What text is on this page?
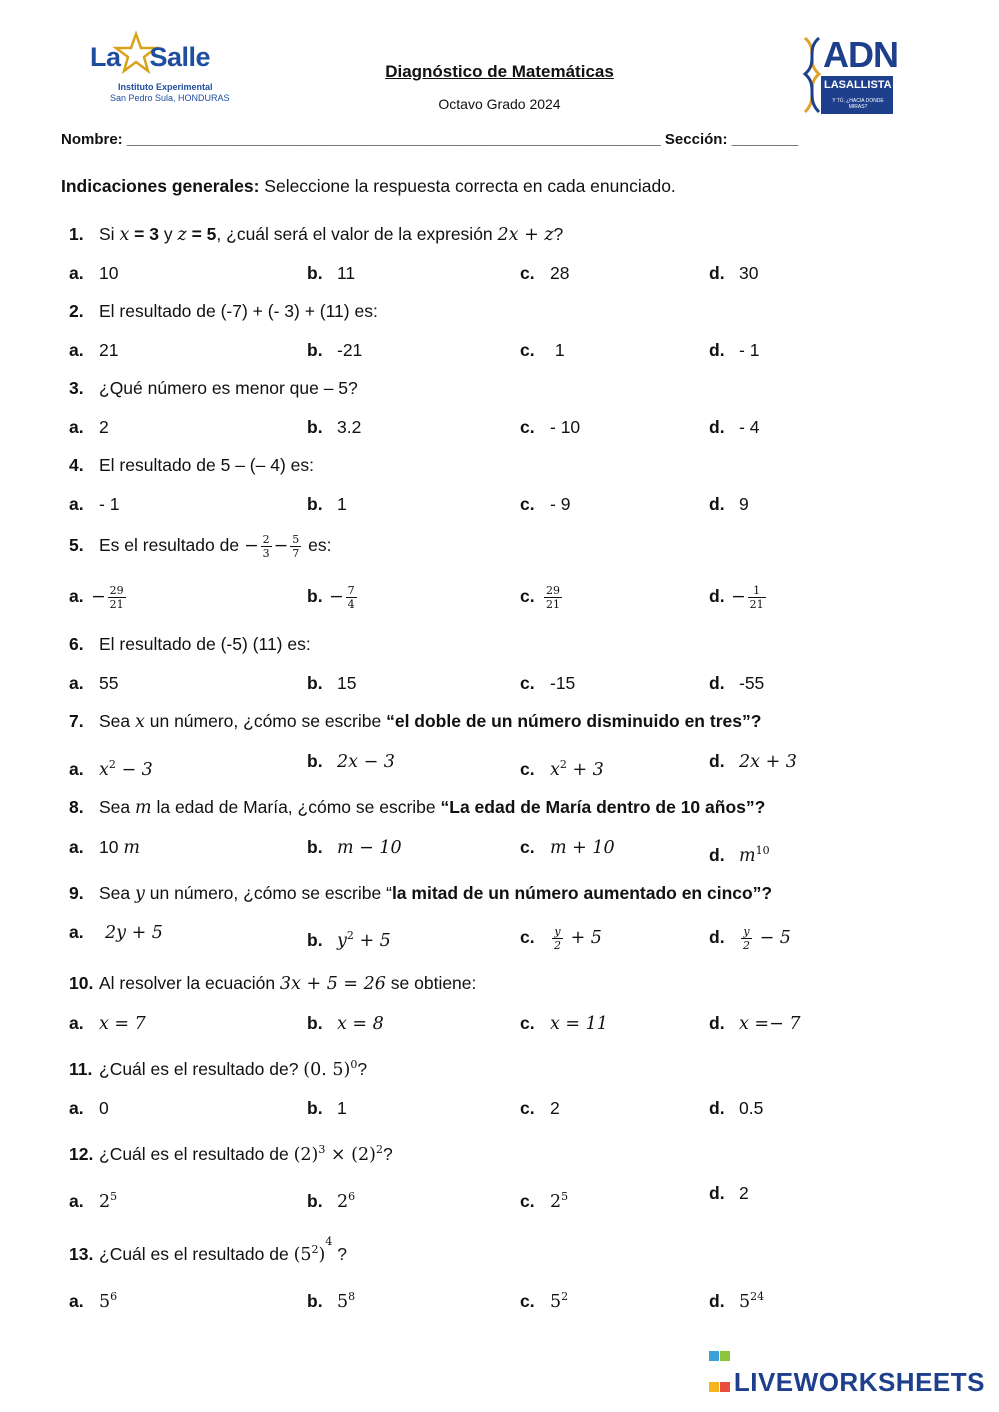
La Salle
Instituto Experimental
San Pedro Sula, HONDURAS
ADN
LASALLISTA
Y TÚ, ¿HACIA DONDE MIRAS?
Diagnóstico de Matemáticas
Octavo Grado 2024
Nombre: ________________________________________________________________ Sección: ________
Indicaciones generales: Seleccione la respuesta correcta en cada enunciado.
1. Si x = 3 y z = 5, ¿cuál será el valor de la expresión 2x + z?
a. 10	b. 11	c. 28	d. 30
2. El resultado de (-7) + (- 3) + (11) es:
a. 21	b. -21	c. 1	d. - 1
3. ¿Qué número es menor que – 5?
a. 2	b. 3.2	c. - 10	d. - 4
4. El resultado de 5 – (– 4) es:
a. - 1	b. 1	c. - 9	d. 9
5. Es el resultado de − $\frac{2}{3} - \frac{5}{7}$ es:
a. − $\frac{29}{21}$	b. − $\frac{7}{4}$	c. $\frac{29}{21}$	d. − $\frac{1}{21}$
6. El resultado de (-5) (11) es:
a. 55	b. 15	c. -15	d. -55
7. Sea x un número, ¿cómo se escribe “el doble de un número disminuido en tres”?
a. $x^2 - 3$	b. 2x − 3	c. $x^2 + 3$	d. 2x + 3
8. Sea m la edad de María, ¿cómo se escribe “La edad de María dentro de 10 años”?
a. 10 m	b. m − 10	c. m + 10	d. $m^{10}$
9. Sea y un número, ¿cómo se escribe “la mitad de un número aumentado en cinco”?
a. 2y + 5	b. $y^2 + 5$	c. $\frac{y}{2} + 5$	d. $\frac{y}{2} - 5$
10. Al resolver la ecuación 3x + 5 = 26 se obtiene:
a. x = 7	b. x = 8	c. x = 11	d. x =− 7
11. ¿Cuál es el resultado de? (0. 5)$^0$?
a. 0	b. 1	c. 2	d. 0.5
12. ¿Cuál es el resultado de $(2)^3 \times (2)^2$?
a. $2^5$	b. $2^6$	c. $2^5$	d. 2
13. ¿Cuál es el resultado de $(5^2)^4$ ?
a. $5^6$	b. $5^8$	c. $5^2$	d. $5^{24}$
LIVEWORKSHEETS
